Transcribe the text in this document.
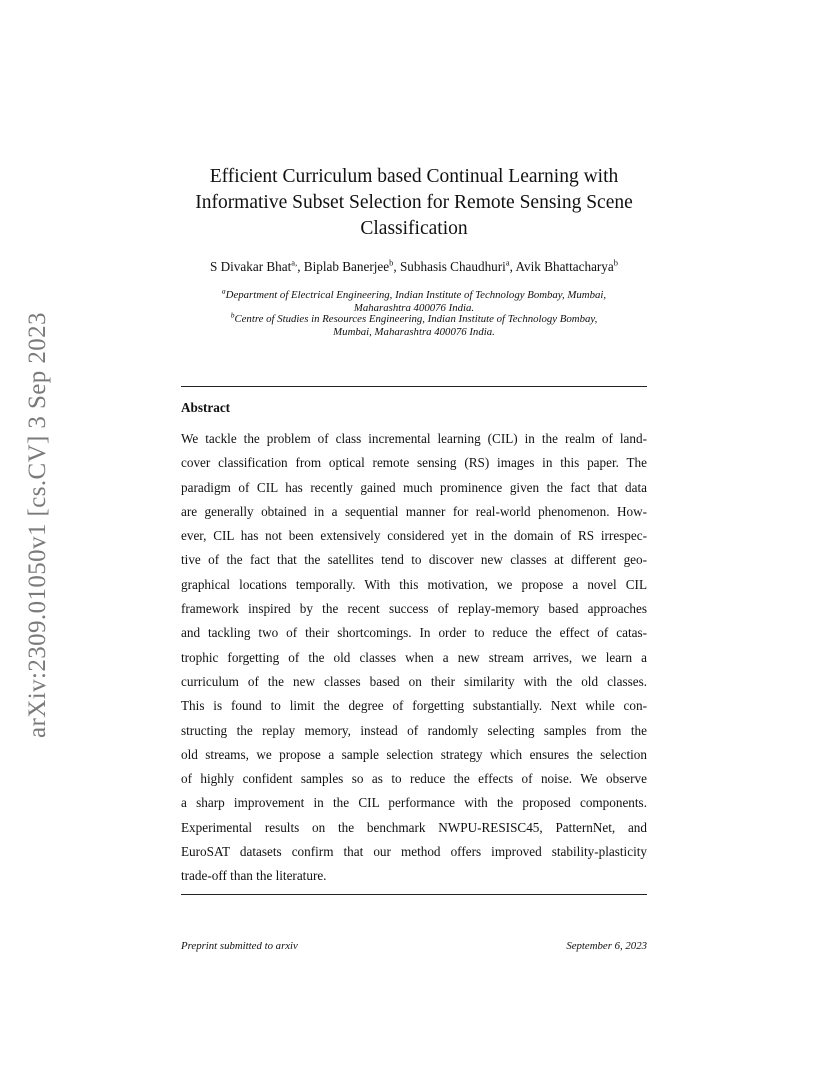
arXiv:2309.01050v1 [cs.CV] 3 Sep 2023
Efficient Curriculum based Continual Learning with
Informative Subset Selection for Remote Sensing Scene
Classification
S Divakar Bhat$^{a,}$, Biplab Banerjee$^b$, Subhasis Chaudhuri$^a$, Avik Bhattacharya$^b$
$^a$Department of Electrical Engineering, Indian Institute of Technology Bombay, Mumbai,
Maharashtra 400076 India.
$^b$Centre of Studies in Resources Engineering, Indian Institute of Technology Bombay,
Mumbai, Maharashtra 400076 India.
Abstract
We tackle the problem of class incremental learning (CIL) in the realm of land-
cover classification from optical remote sensing (RS) images in this paper. The
paradigm of CIL has recently gained much prominence given the fact that data
are generally obtained in a sequential manner for real-world phenomenon. How-
ever, CIL has not been extensively considered yet in the domain of RS irrespec-
tive of the fact that the satellites tend to discover new classes at different geo-
graphical locations temporally. With this motivation, we propose a novel CIL
framework inspired by the recent success of replay-memory based approaches
and tackling two of their shortcomings. In order to reduce the effect of catas-
trophic forgetting of the old classes when a new stream arrives, we learn a
curriculum of the new classes based on their similarity with the old classes.
This is found to limit the degree of forgetting substantially. Next while con-
structing the replay memory, instead of randomly selecting samples from the
old streams, we propose a sample selection strategy which ensures the selection
of highly confident samples so as to reduce the effects of noise. We observe
a sharp improvement in the CIL performance with the proposed components.
Experimental results on the benchmark NWPU-RESISC45, PatternNet, and
EuroSAT datasets confirm that our method offers improved stability-plasticity
trade-off than the literature.
Preprint submitted to arxiv	September 6, 2023
